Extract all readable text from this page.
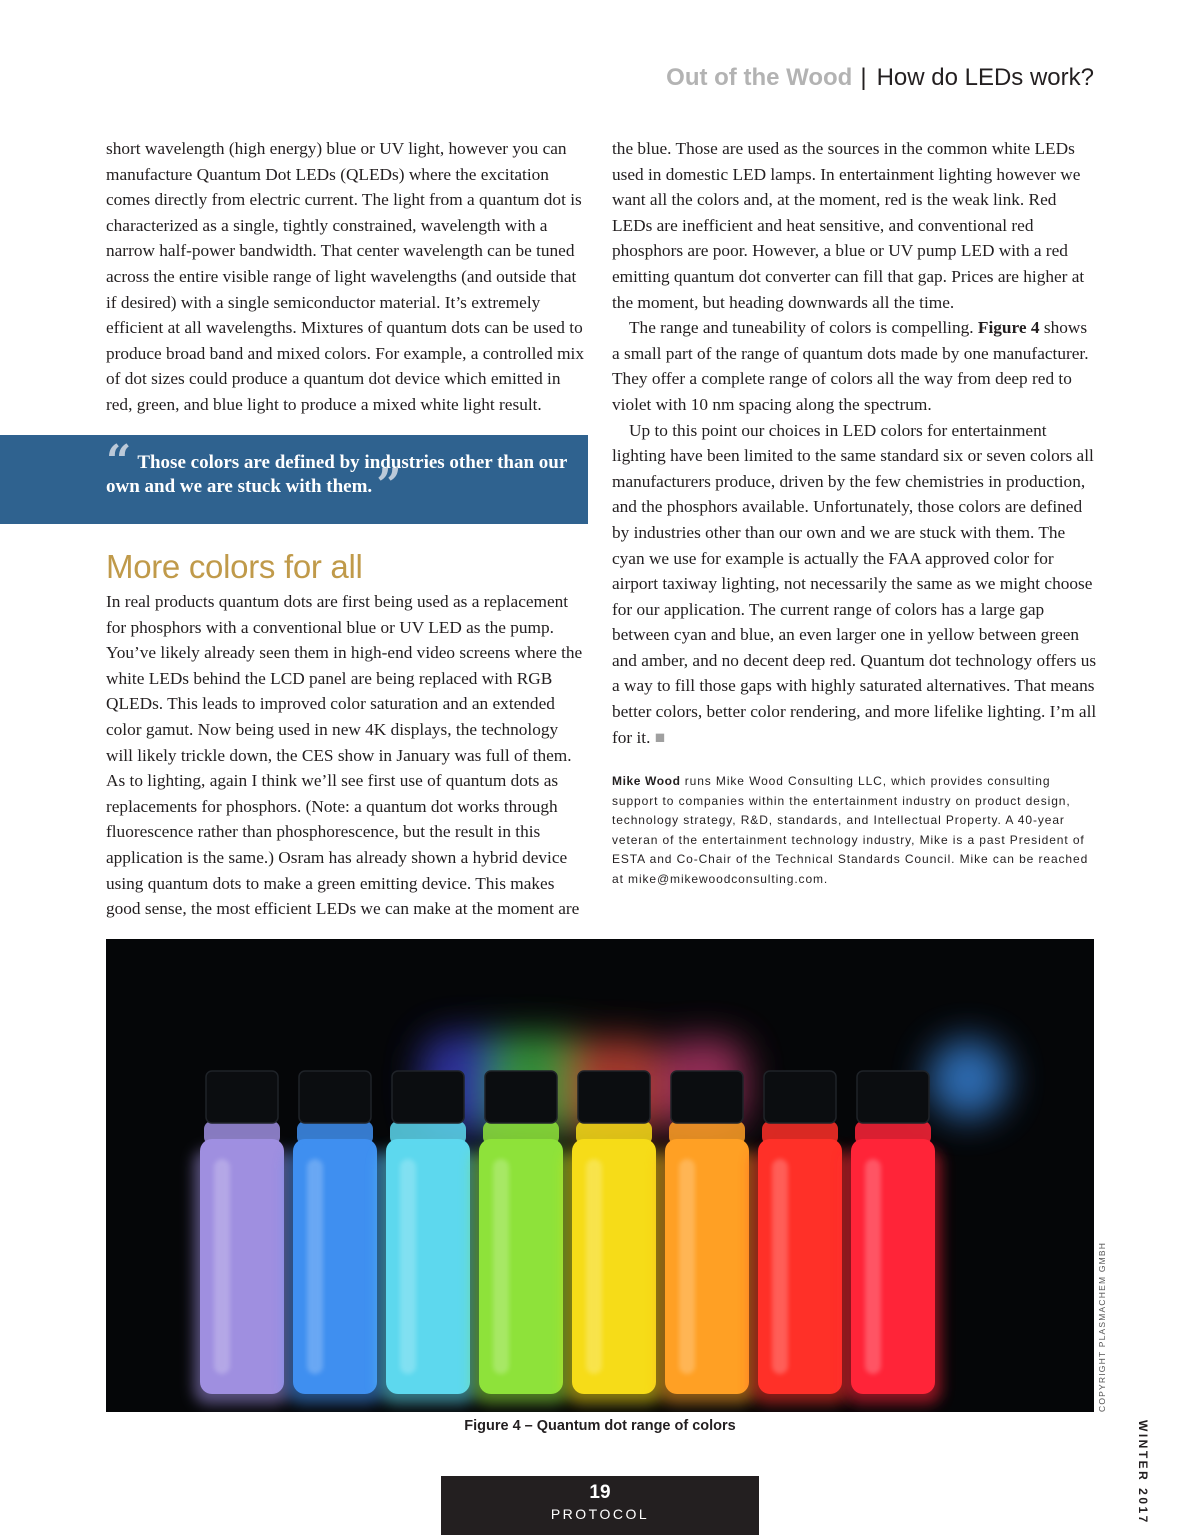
Out of the Wood | How do LEDs work?

short wavelength (high energy) blue or UV light, however you can manufacture Quantum Dot LEDs (QLEDs) where the excitation comes directly from electric current. The light from a quantum dot is characterized as a single, tightly constrained, wavelength with a narrow half-power bandwidth. That center wavelength can be tuned across the entire visible range of light wavelengths (and outside that if desired) with a single semiconductor material. It’s extremely efficient at all wavelengths. Mixtures of quantum dots can be used to produce broad band and mixed colors. For example, a controlled mix of dot sizes could produce a quantum dot device which emitted in red, green, and blue light to produce a mixed white light result.

“ Those colors are defined by industries other than our own and we are stuck with them.”
More colors for all

In real products quantum dots are first being used as a replacement for phosphors with a conventional blue or UV LED as the pump. You’ve likely already seen them in high-end video screens where the white LEDs behind the LCD panel are being replaced with RGB QLEDs. This leads to improved color saturation and an extended color gamut. Now being used in new 4K displays, the technology will likely trickle down, the CES show in January was full of them. As to lighting, again I think we’ll see first use of quantum dots as replacements for phosphors. (Note: a quantum dot works through fluorescence rather than phosphorescence, but the result in this application is the same.) Osram has already shown a hybrid device using quantum dots to make a green emitting device. This makes good sense, the most efficient LEDs we can make at the moment are

the blue. Those are used as the sources in the common white LEDs used in domestic LED lamps. In entertainment lighting however we want all the colors and, at the moment, red is the weak link. Red LEDs are inefficient and heat sensitive, and conventional red phosphors are poor. However, a blue or UV pump LED with a red emitting quantum dot converter can fill that gap. Prices are higher at the moment, but heading downwards all the time.

The range and tuneability of colors is compelling. Figure 4 shows a small part of the range of quantum dots made by one manufacturer. They offer a complete range of colors all the way from deep red to violet with 10 nm spacing along the spectrum.

Up to this point our choices in LED colors for entertainment lighting have been limited to the same standard six or seven colors all manufacturers produce, driven by the few chemistries in production, and the phosphors available. Unfortunately, those colors are defined by industries other than our own and we are stuck with them. The cyan we use for example is actually the FAA approved color for airport taxiway lighting, not necessarily the same as we might choose for our application. The current range of colors has a large gap between cyan and blue, an even larger one in yellow between green and amber, and no decent deep red. Quantum dot technology offers us a way to fill those gaps with highly saturated alternatives. That means better colors, better color rendering, and more lifelike lighting. I’m all for it. ■

Mike Wood runs Mike Wood Consulting LLC, which provides consulting support to companies within the entertainment industry on product design, technology strategy, R&D, standards, and Intellectual Property. A 40-year veteran of the entertainment technology industry, Mike is a past President of ESTA and Co-Chair of the Technical Standards Council. Mike can be reached at mike@mikewoodconsulting.com.
COPYRIGHT PLASMACHEM GMBH
Figure 4 – Quantum dot range of colors
19
PROTOCOL	WINTER 2017
